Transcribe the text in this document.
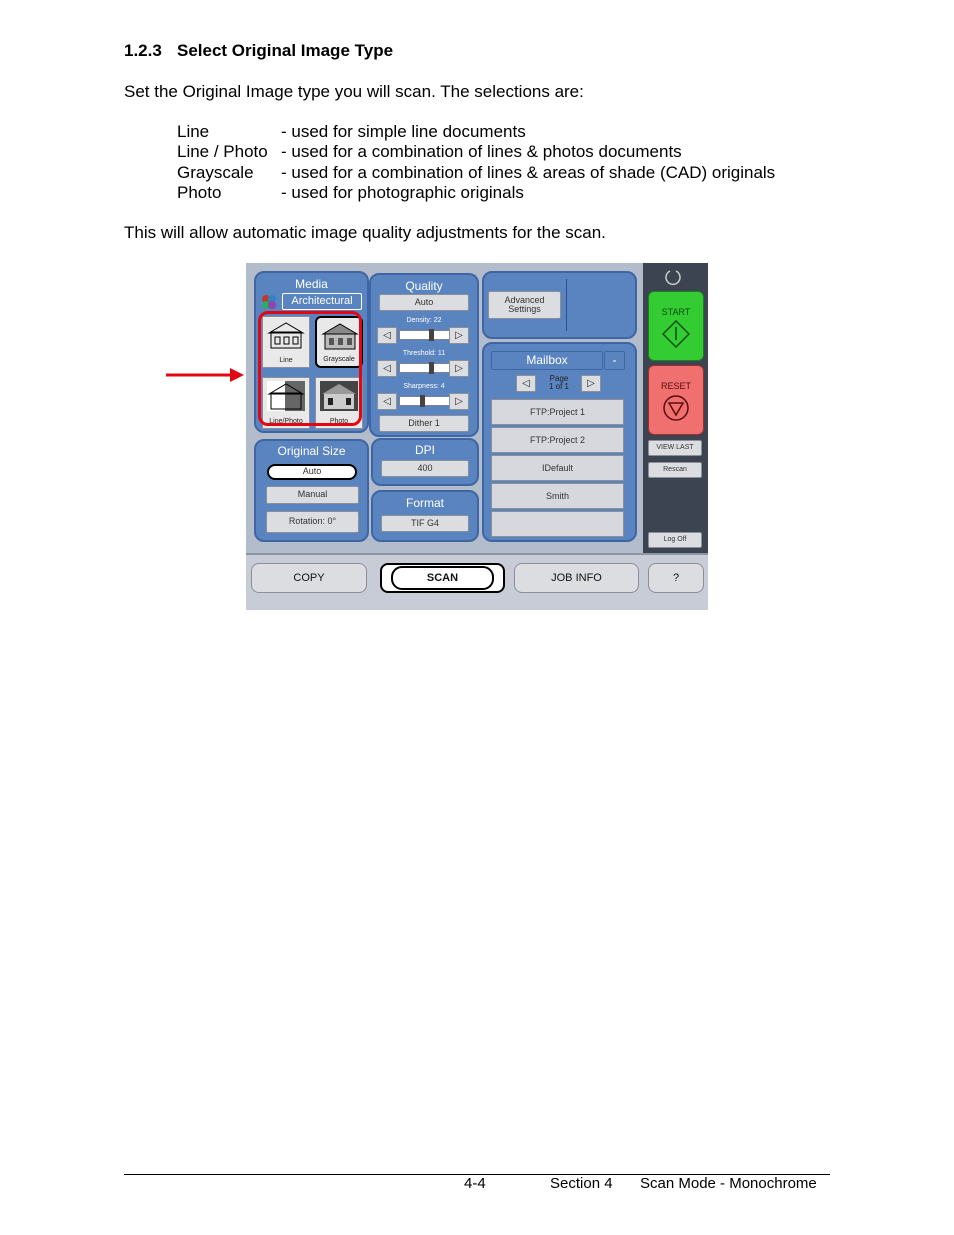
1.2.3 Select Original Image Type
Set the Original Image type you will scan. The selections are:
Line	- used for simple line documents
Line / Photo - used for a combination of lines & photos documents
Grayscale - used for a combination of lines & areas of shade (CAD) originals
Photo	- used for photographic originals
This will allow automatic image quality adjustments for the scan.
Media
Architectural
Line	Grayscale
Line/Photo	Photo
Quality
Auto
Density: 22
◁	▷
Threshold: 11
◁	▷
Sharpness: 4
◁	▷
Dither 1
Advanced
Settings
Mailbox	-
◁	Page
1 of 1	▷
FTP:Project 1
FTP:Project 2
IDefault
Smith
Original Size
Auto
Manual
Rotation: 0°
DPI
400
Format
TIF G4
START
RESET
VIEW LAST
Rescan
Log Off
COPY	SCAN	JOB INFO	?
4-4	Section 4 Scan Mode - Monochrome
